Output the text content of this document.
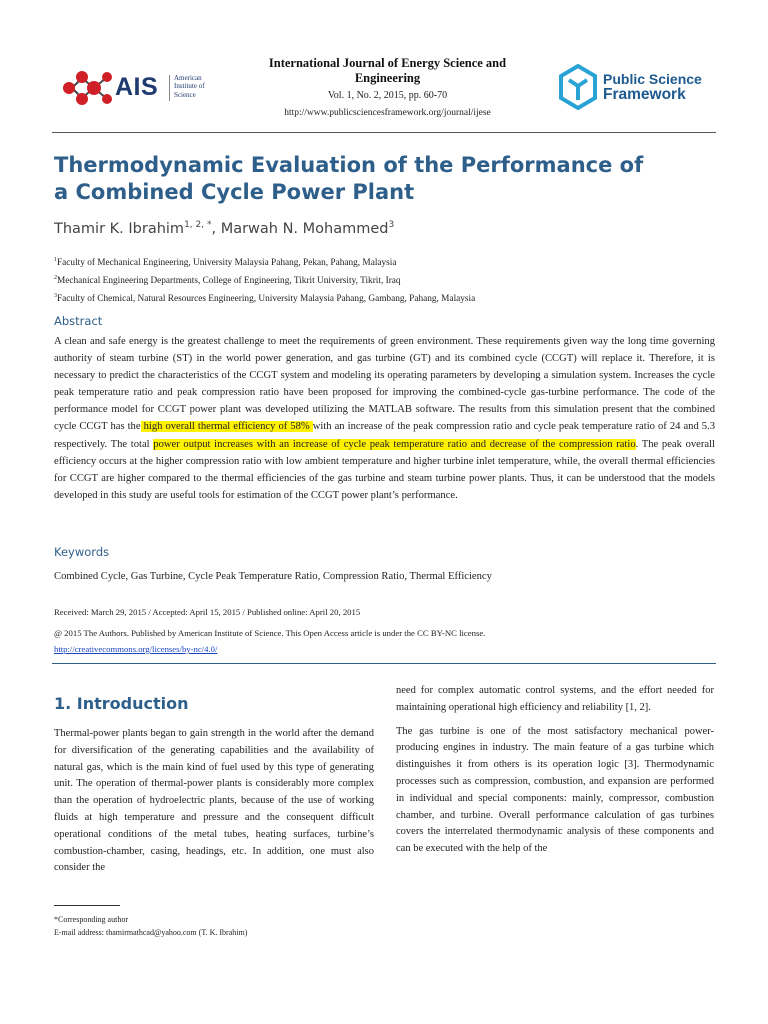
AIS American
Institute of
Science
International Journal of Energy Science and
Engineering
Vol. 1, No. 2, 2015, pp. 60-70
http://www.publicsciencesframework.org/journal/ijese
Public Science
Framework
Thermodynamic Evaluation of the Performance of
a Combined Cycle Power Plant
Thamir K. Ibrahim$^{1, 2, *}$, Marwah N. Mohammed$^3$
$^1$Faculty of Mechanical Engineering, University Malaysia Pahang, Pekan, Pahang, Malaysia
$^2$Mechanical Engineering Departments, College of Engineering, Tikrit University, Tikrit, Iraq
$^3$Faculty of Chemical, Natural Resources Engineering, University Malaysia Pahang, Gambang, Pahang, Malaysia
Abstract
A clean and safe energy is the greatest challenge to meet the requirements of green environment. These requirements given way the long time governing authority of steam turbine (ST) in the world power generation, and gas turbine (GT) and its combined cycle (CCGT) will replace it. Therefore, it is necessary to predict the characteristics of the CCGT system and modeling its operating parameters by developing a simulation system. Increases the cycle peak temperature ratio and peak compression ratio have been proposed for improving the combined-cycle gas-turbine performance. The code of the performance model for CCGT power plant was developed utilizing the MATLAB software. The results from this simulation present that the combined cycle CCGT has the high overall thermal efficiency of 58% with an increase of the peak compression ratio and cycle peak temperature ratio of 24 and 5.3 respectively. The total power output increases with an increase of cycle peak temperature ratio and decrease of the compression ratio. The peak overall efficiency occurs at the higher compression ratio with low ambient temperature and higher turbine inlet temperature, while, the overall thermal efficiencies for CCGT are higher compared to the thermal efficiencies of the gas turbine and steam turbine power plants. Thus, it can be understood that the models developed in this study are useful tools for estimation of the CCGT power plant’s performance.
Keywords
Combined Cycle, Gas Turbine, Cycle Peak Temperature Ratio, Compression Ratio, Thermal Efficiency
Received: March 29, 2015 / Accepted: April 15, 2015 / Published online: April 20, 2015
@ 2015 The Authors. Published by American Institute of Science. This Open Access article is under the CC BY-NC license.
http://creativecommons.org/licenses/by-nc/4.0/
1. Introduction

Thermal-power plants began to gain strength in the world after the demand for diversification of the generating capabilities and the availability of natural gas, which is the main kind of fuel used by this type of generating unit. The operation of thermal-power plants is considerably more complex than the operation of hydroelectric plants, because of the use of working fluids at high temperature and pressure and the consequent difficult operational conditions of the metal tubes, heating surfaces, turbine’s combustion-chamber, casing, headings, etc. In addition, one must also consider the

need for complex automatic control systems, and the effort needed for maintaining operational high efficiency and reliability [1, 2].

The gas turbine is one of the most satisfactory mechanical power-producing engines in industry. The main feature of a gas turbine which distinguishes it from others is its operation logic [3]. Thermodynamic processes such as compression, combustion, and expansion are performed in individual and special components: mainly, compressor, combustion chamber, and turbine. Overall performance calculation of gas turbines covers the interrelated thermodynamic analysis of these components and can be executed with the help of the

*Corresponding author
E-mail address: thamirmathcad@yahoo.com (T. K. Ibrahim)
